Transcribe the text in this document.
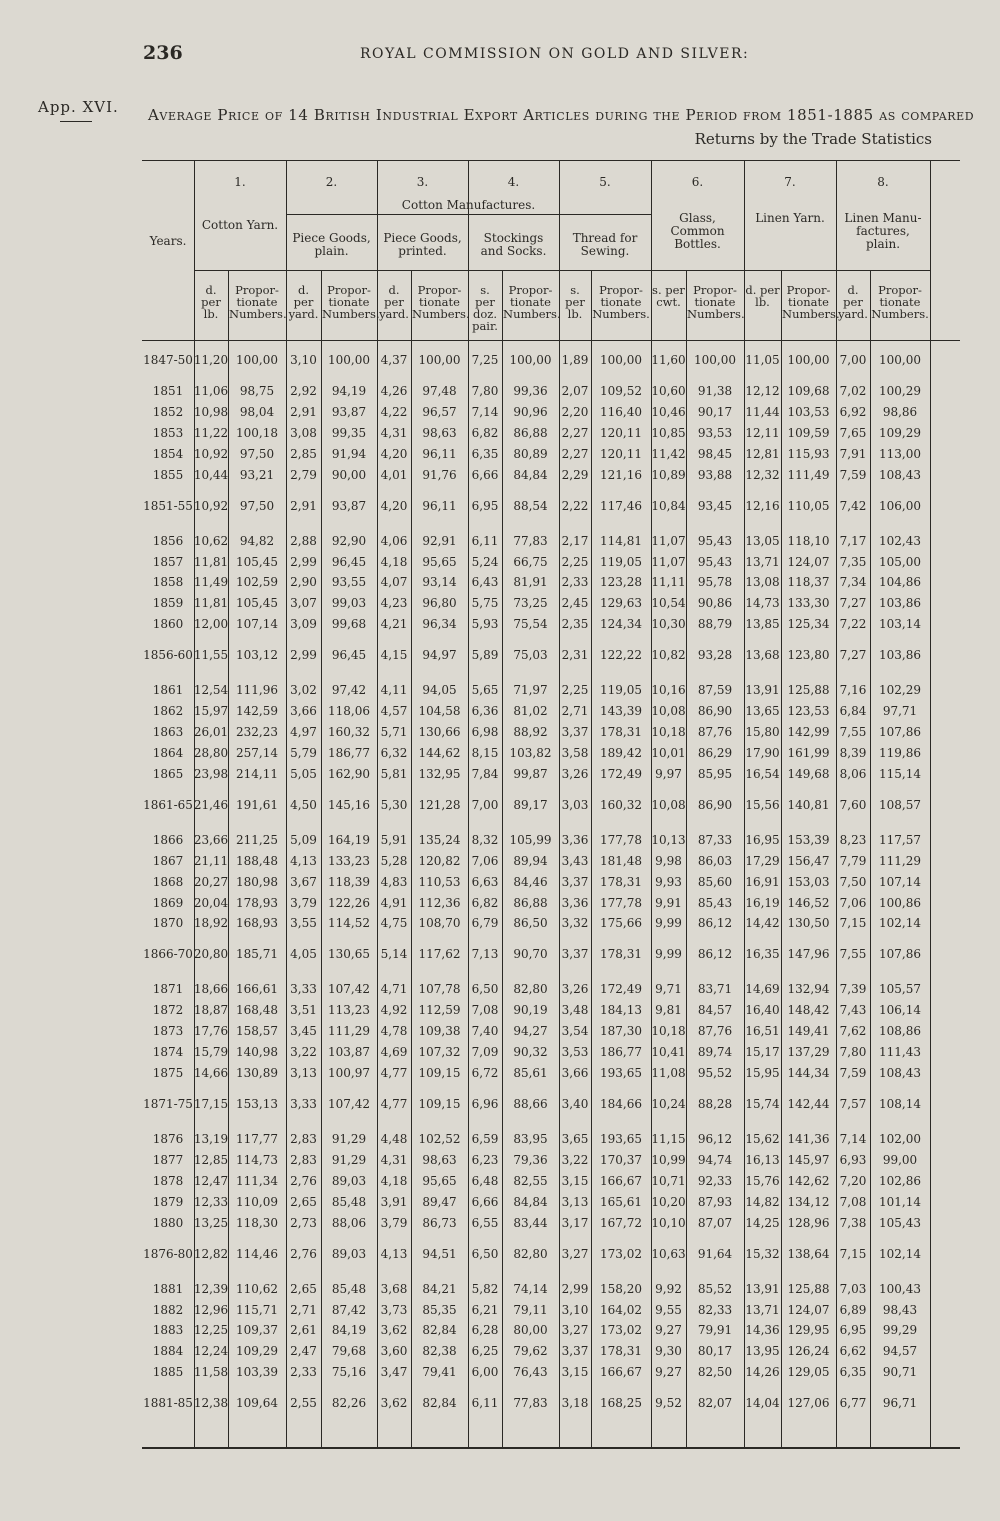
236	ROYAL COMMISSION ON GOLD AND SILVER:
App. XVI. Average Price of 14 British Industrial Export Articles during the Period from 1851-1885 as compared
Returns by the Trade Statistics
Years.
Cotton Manufactures.
1.
Cotton Yarn.
d. per lb.
Propor-tionate Numbers.
2.
Piece Goods, plain.
d. per yard.
Propor-tionate Numbers.
3.
Piece Goods, printed.
d. per yard.
Propor-tionate Numbers.
4.
Stockings and Socks.
s. per doz. pair.
Propor-tionate Numbers.
5.
Thread for Sewing.
s. per lb.
Propor-tionate Numbers.
6.
Glass, Common Bottles.
s. per cwt.
Propor-tionate Numbers.
7.
Linen Yarn.
d. per lb.
Propor-tionate Numbers.
8.
Linen Manu-factures, plain.
d. per yard.
Propor-tionate Numbers.
1847-50 11,20 100,00 3,10 100,00 4,37 100,00 7,25 100,00 1,89 100,00 11,60 100,00 11,05 100,00 7,00 100,00
1851 11,06 98,75 2,92 94,19 4,26 97,48 7,80 99,36 2,07 109,52 10,60 91,38 12,12 109,68 7,02 100,29
1852 10,98 98,04 2,91 93,87 4,22 96,57 7,14 90,96 2,20 116,40 10,46 90,17 11,44 103,53 6,92 98,86
1853 11,22 100,18 3,08 99,35 4,31 98,63 6,82 86,88 2,27 120,11 10,85 93,53 12,11 109,59 7,65 109,29
1854 10,92 97,50 2,85 91,94 4,20 96,11 6,35 80,89 2,27 120,11 11,42 98,45 12,81 115,93 7,91 113,00
1855 10,44 93,21 2,79 90,00 4,01 91,76 6,66 84,84 2,29 121,16 10,89 93,88 12,32 111,49 7,59 108,43
1851-55 10,92 97,50 2,91 93,87 4,20 96,11 6,95 88,54 2,22 117,46 10,84 93,45 12,16 110,05 7,42 106,00
1856 10,62 94,82 2,88 92,90 4,06 92,91 6,11 77,83 2,17 114,81 11,07 95,43 13,05 118,10 7,17 102,43
1857 11,81 105,45 2,99 96,45 4,18 95,65 5,24 66,75 2,25 119,05 11,07 95,43 13,71 124,07 7,35 105,00
1858 11,49 102,59 2,90 93,55 4,07 93,14 6,43 81,91 2,33 123,28 11,11 95,78 13,08 118,37 7,34 104,86
1859 11,81 105,45 3,07 99,03 4,23 96,80 5,75 73,25 2,45 129,63 10,54 90,86 14,73 133,30 7,27 103,86
1860 12,00 107,14 3,09 99,68 4,21 96,34 5,93 75,54 2,35 124,34 10,30 88,79 13,85 125,34 7,22 103,14
1856-60 11,55 103,12 2,99 96,45 4,15 94,97 5,89 75,03 2,31 122,22 10,82 93,28 13,68 123,80 7,27 103,86
1861 12,54 111,96 3,02 97,42 4,11 94,05 5,65 71,97 2,25 119,05 10,16 87,59 13,91 125,88 7,16 102,29
1862 15,97 142,59 3,66 118,06 4,57 104,58 6,36 81,02 2,71 143,39 10,08 86,90 13,65 123,53 6,84 97,71
1863 26,01 232,23 4,97 160,32 5,71 130,66 6,98 88,92 3,37 178,31 10,18 87,76 15,80 142,99 7,55 107,86
1864 28,80 257,14 5,79 186,77 6,32 144,62 8,15 103,82 3,58 189,42 10,01 86,29 17,90 161,99 8,39 119,86
1865 23,98 214,11 5,05 162,90 5,81 132,95 7,84 99,87 3,26 172,49 9,97 85,95 16,54 149,68 8,06 115,14
1861-65 21,46 191,61 4,50 145,16 5,30 121,28 7,00 89,17 3,03 160,32 10,08 86,90 15,56 140,81 7,60 108,57
1866 23,66 211,25 5,09 164,19 5,91 135,24 8,32 105,99 3,36 177,78 10,13 87,33 16,95 153,39 8,23 117,57
1867 21,11 188,48 4,13 133,23 5,28 120,82 7,06 89,94 3,43 181,48 9,98 86,03 17,29 156,47 7,79 111,29
1868 20,27 180,98 3,67 118,39 4,83 110,53 6,63 84,46 3,37 178,31 9,93 85,60 16,91 153,03 7,50 107,14
1869 20,04 178,93 3,79 122,26 4,91 112,36 6,82 86,88 3,36 177,78 9,91 85,43 16,19 146,52 7,06 100,86
1870 18,92 168,93 3,55 114,52 4,75 108,70 6,79 86,50 3,32 175,66 9,99 86,12 14,42 130,50 7,15 102,14
1866-70 20,80 185,71 4,05 130,65 5,14 117,62 7,13 90,70 3,37 178,31 9,99 86,12 16,35 147,96 7,55 107,86
1871 18,66 166,61 3,33 107,42 4,71 107,78 6,50 82,80 3,26 172,49 9,71 83,71 14,69 132,94 7,39 105,57
1872 18,87 168,48 3,51 113,23 4,92 112,59 7,08 90,19 3,48 184,13 9,81 84,57 16,40 148,42 7,43 106,14
1873 17,76 158,57 3,45 111,29 4,78 109,38 7,40 94,27 3,54 187,30 10,18 87,76 16,51 149,41 7,62 108,86
1874 15,79 140,98 3,22 103,87 4,69 107,32 7,09 90,32 3,53 186,77 10,41 89,74 15,17 137,29 7,80 111,43
1875 14,66 130,89 3,13 100,97 4,77 109,15 6,72 85,61 3,66 193,65 11,08 95,52 15,95 144,34 7,59 108,43
1871-75 17,15 153,13 3,33 107,42 4,77 109,15 6,96 88,66 3,40 184,66 10,24 88,28 15,74 142,44 7,57 108,14
1876 13,19 117,77 2,83 91,29 4,48 102,52 6,59 83,95 3,65 193,65 11,15 96,12 15,62 141,36 7,14 102,00
1877 12,85 114,73 2,83 91,29 4,31 98,63 6,23 79,36 3,22 170,37 10,99 94,74 16,13 145,97 6,93 99,00
1878 12,47 111,34 2,76 89,03 4,18 95,65 6,48 82,55 3,15 166,67 10,71 92,33 15,76 142,62 7,20 102,86
1879 12,33 110,09 2,65 85,48 3,91 89,47 6,66 84,84 3,13 165,61 10,20 87,93 14,82 134,12 7,08 101,14
1880 13,25 118,30 2,73 88,06 3,79 86,73 6,55 83,44 3,17 167,72 10,10 87,07 14,25 128,96 7,38 105,43
1876-80 12,82 114,46 2,76 89,03 4,13 94,51 6,50 82,80 3,27 173,02 10,63 91,64 15,32 138,64 7,15 102,14
1881 12,39 110,62 2,65 85,48 3,68 84,21 5,82 74,14 2,99 158,20 9,92 85,52 13,91 125,88 7,03 100,43
1882 12,96 115,71 2,71 87,42 3,73 85,35 6,21 79,11 3,10 164,02 9,55 82,33 13,71 124,07 6,89 98,43
1883 12,25 109,37 2,61 84,19 3,62 82,84 6,28 80,00 3,27 173,02 9,27 79,91 14,36 129,95 6,95 99,29
1884 12,24 109,29 2,47 79,68 3,60 82,38 6,25 79,62 3,37 178,31 9,30 80,17 13,95 126,24 6,62 94,57
1885 11,58 103,39 2,33 75,16 3,47 79,41 6,00 76,43 3,15 166,67 9,27 82,50 14,26 129,05 6,35 90,71
1881-85 12,38 109,64 2,55 82,26 3,62 82,84 6,11 77,83 3,18 168,25 9,52 82,07 14,04 127,06 6,77 96,71
